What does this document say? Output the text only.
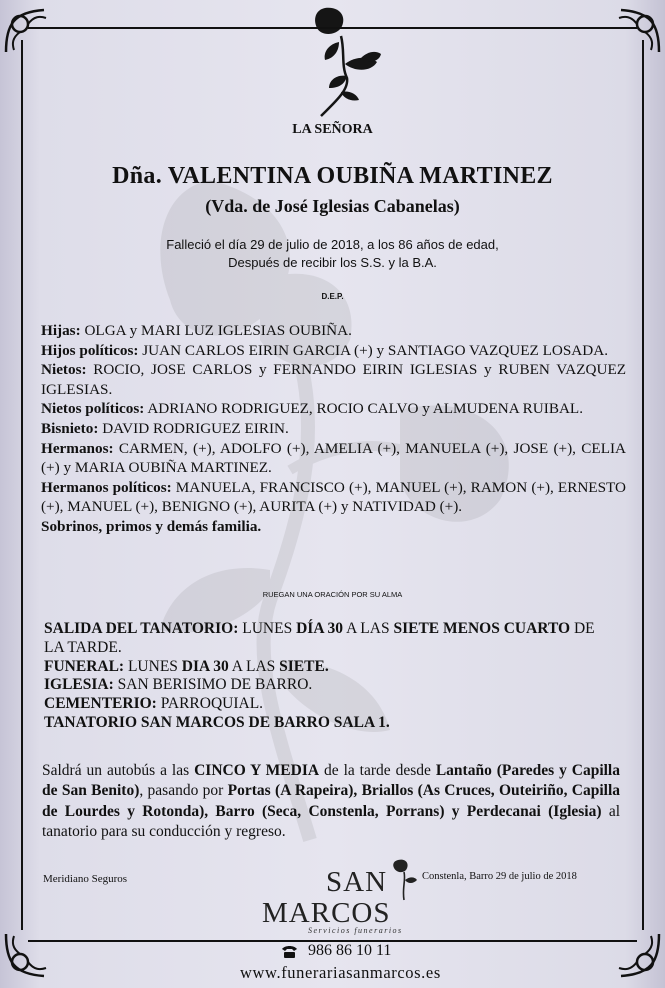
LA SEÑORA
Dña. VALENTINA OUBIÑA MARTINEZ
(Vda. de José Iglesias Cabanelas)
Falleció el día 29 de julio de 2018, a los 86 años de edad,
Después de recibir los S.S. y la B.A.
D.E.P.
Hijas: OLGA y MARI LUZ IGLESIAS OUBIÑA.
Hijos políticos: JUAN CARLOS EIRIN GARCIA (+) y SANTIAGO VAZQUEZ LOSADA.
Nietos: ROCIO, JOSE CARLOS y FERNANDO EIRIN IGLESIAS y RUBEN VAZQUEZ IGLESIAS.
Nietos políticos: ADRIANO RODRIGUEZ, ROCIO CALVO y ALMUDENA RUIBAL.
Bisnieto: DAVID RODRIGUEZ EIRIN.
Hermanos: CARMEN, (+), ADOLFO (+), AMELIA (+), MANUELA (+), JOSE (+), CELIA (+) y MARIA OUBIÑA MARTINEZ.
Hermanos políticos: MANUELA, FRANCISCO (+), MANUEL (+), RAMON (+), ERNESTO (+), MANUEL (+), BENIGNO (+), AURITA (+) y NATIVIDAD (+).
Sobrinos, primos y demás familia.
RUEGAN UNA ORACIÓN POR SU ALMA
SALIDA DEL TANATORIO: LUNES DÍA 30 A LAS SIETE MENOS CUARTO DE LA TARDE.
FUNERAL: LUNES DIA 30 A LAS SIETE.
IGLESIA: SAN BERISIMO DE BARRO.
CEMENTERIO: PARROQUIAL.
TANATORIO SAN MARCOS DE BARRO SALA 1.
Saldrá un autobús a las CINCO Y MEDIA de la tarde desde Lantaño (Paredes y Capilla de San Benito), pasando por Portas (A Rapeira), Briallos (As Cruces, Outeiriño, Capilla de Lourdes y Rotonda), Barro (Seca, Constenla, Porrans) y Perdecanai (Iglesia) al tanatorio para su conducción y regreso.
Meridiano Seguros	Constenla, Barro 29 de julio de 2018
SAN
MARCOS
Servicios funerarios
986 86 10 11
www.funerariasanmarcos.es
